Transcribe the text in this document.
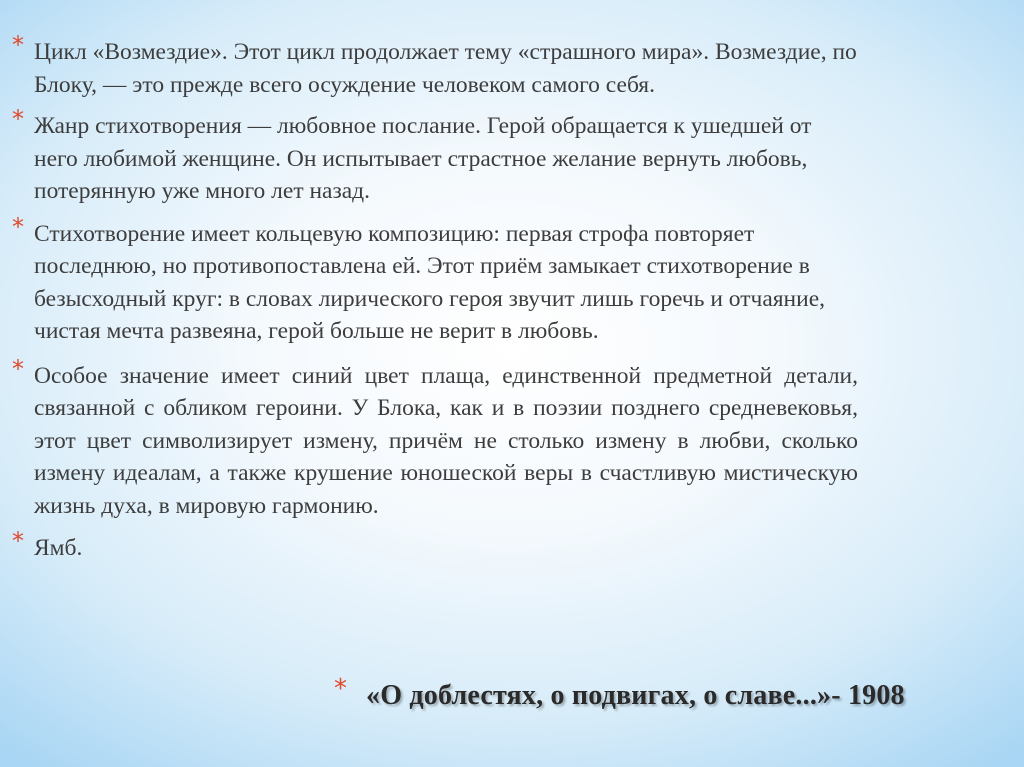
* Цикл «Возмездие». Этот цикл продолжает тему «страшного мира». Возмездие, по Блоку, — это прежде всего осуждение человеком самого себя.
* Жанр стихотворения — любовное послание. Герой обращается к ушедшей от него любимой женщине. Он испытывает страстное желание вернуть любовь, потерянную уже много лет назад.
* Стихотворение имеет кольцевую композицию: первая строфа повторяет последнюю, но противопоставлена ей. Этот приём замыкает стихотворение в безысходный круг: в словах лирического героя звучит лишь горечь и отчаяние, чистая мечта развеяна, герой больше не верит в любовь.
* Особое значение имеет синий цвет плаща, единственной предметной детали, связанной с обликом героини. У Блока, как и в поэзии позднего средневековья, этот цвет символизирует измену, причём не столько измену в любви, сколько измену идеалам, а также крушение юношеской веры в счастливую мистическую жизнь духа, в мировую гармонию.
* Ямб.
* «О доблестях, о подвигах, о славе...»- 1908
